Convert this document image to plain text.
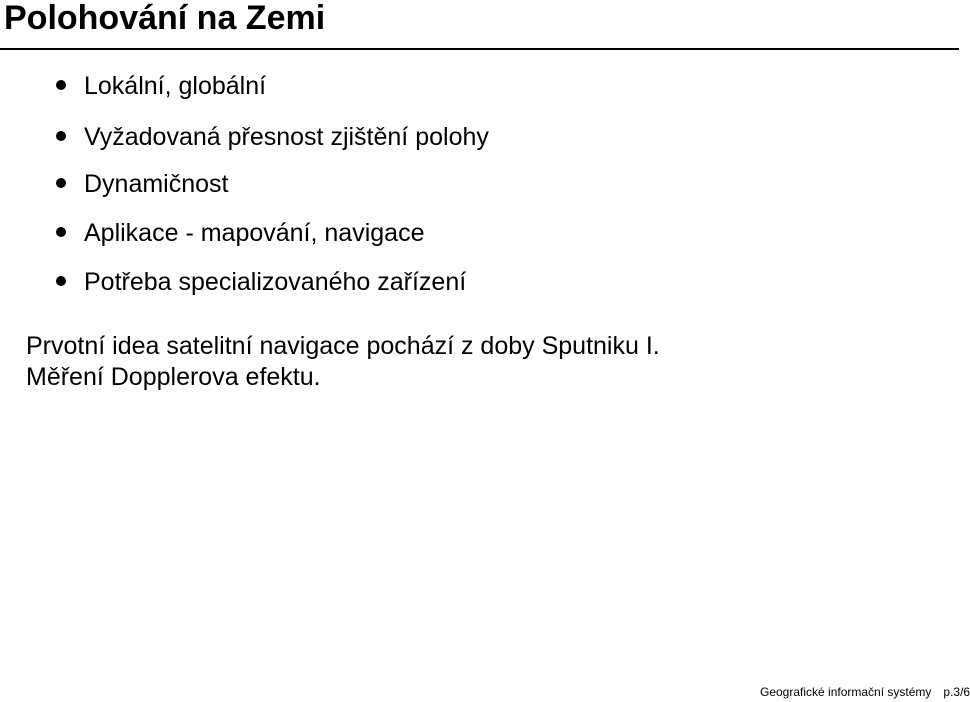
Polohování na Zemi
Lokální, globální
Vyžadovaná přesnost zjištění polohy
Dynamičnost
Aplikace - mapování, navigace
Potřeba specializovaného zařízení

Prvotní idea satelitní navigace pochází z doby Sputniku I.
Měření Dopplerova efektu.

Geografické informační systémy p.3/6
